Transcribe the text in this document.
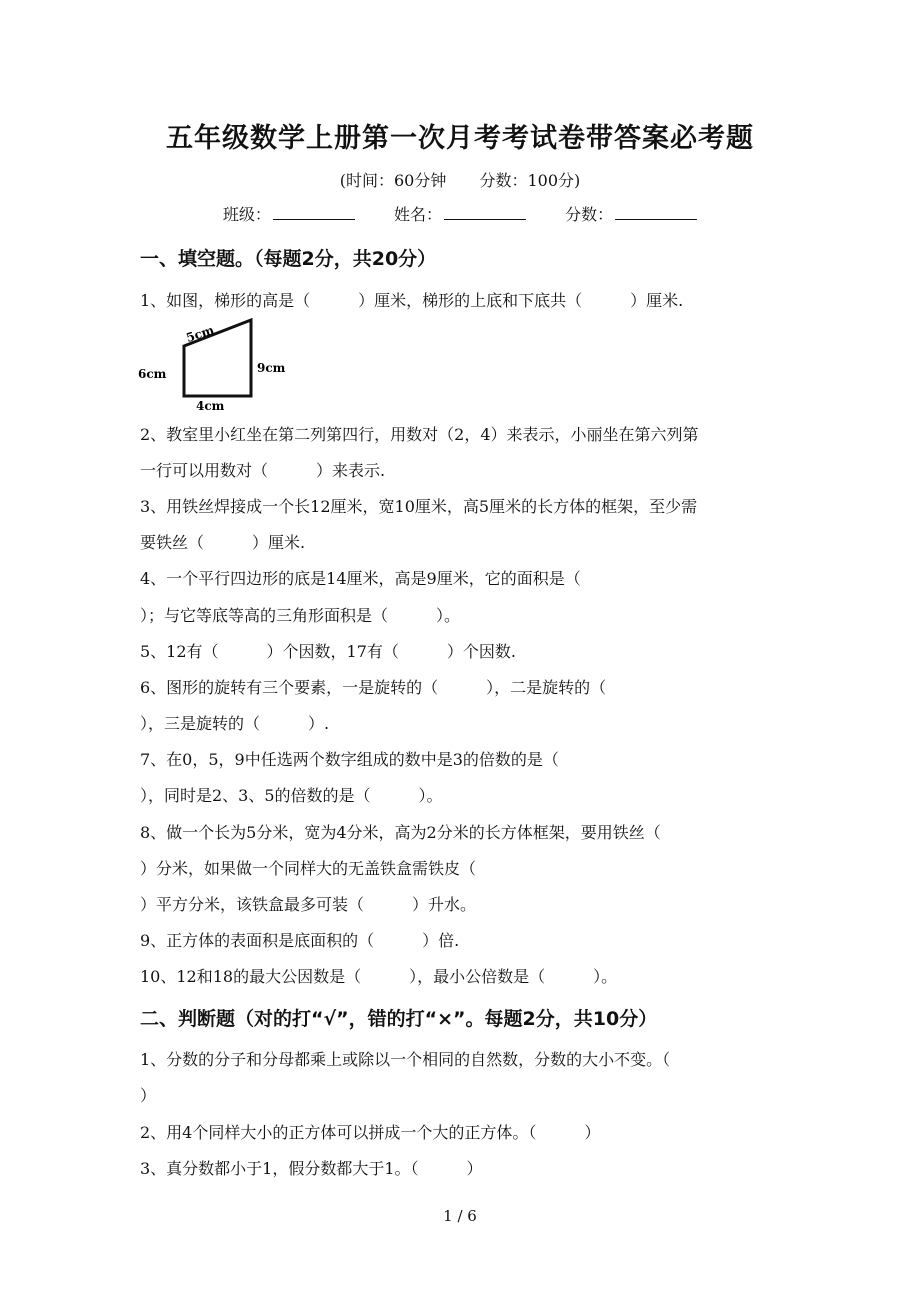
五年级数学上册第一次月考考试卷带答案必考题
(时间：60分钟 分数：100分)
班级：	姓名：	分数：
一、填空题。（每题2分，共20分）
1、如图，梯形的高是（　　　）厘米，梯形的上底和下底共（　　　）厘米.
5cm
6cm	9cm
4cm
2、教室里小红坐在第二列第四行，用数对（2，4）来表示，小丽坐在第六列第
一行可以用数对（　　　）来表示.
3、用铁丝焊接成一个长12厘米，宽10厘米，高5厘米的长方体的框架，至少需
要铁丝（　　　）厘米.
4、一个平行四边形的底是14厘米，高是9厘米，它的面积是（
）；与它等底等高的三角形面积是（　　　）。
5、12有（　　　）个因数，17有（　　　）个因数.
6、图形的旋转有三个要素，一是旋转的（　　　），二是旋转的（
），三是旋转的（　　　）.
7、在0，5，9中任选两个数字组成的数中是3的倍数的是（
），同时是2、3、5的倍数的是（　　　）。
8、做一个长为5分米，宽为4分米，高为2分米的长方体框架，要用铁丝（
）分米，如果做一个同样大的无盖铁盒需铁皮（
）平方分米，该铁盒最多可装（　　　）升水。
9、正方体的表面积是底面积的（　　　）倍.
10、12和18的最大公因数是（　　　），最小公倍数是（　　　）。
二、判断题（对的打“√”，错的打“×”。每题2分，共10分）
1、分数的分子和分母都乘上或除以一个相同的自然数，分数的大小不变。（
）
2、用4个同样大小的正方体可以拼成一个大的正方体。（　　　）
3、真分数都小于1，假分数都大于1。（　　　）
1 / 6
